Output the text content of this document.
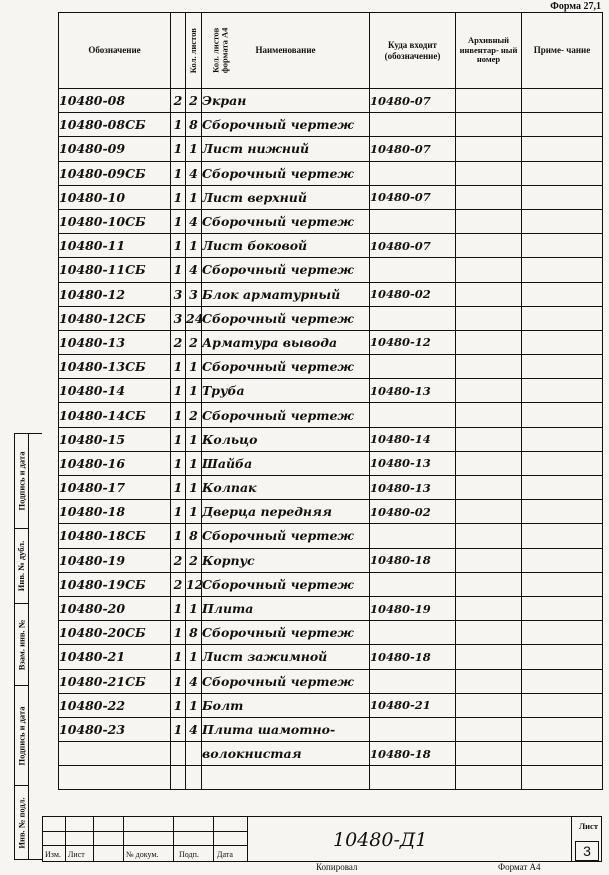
Форма 27,1
Обозначение	Кол. листов	Кол. листов формата А4	Наименование	Куда входит (обозначение)	Архивный инвентар- ный номер	Приме- чание
10480-08	2	2	Экран	10480-07		
10480-08СБ	1	8	Сборочный чертеж			
10480-09	1	1	Лист нижний	10480-07		
10480-09СБ	1	4	Сборочный чертеж			
10480-10	1	1	Лист верхний	10480-07		
10480-10СБ	1	4	Сборочный чертеж			
10480-11	1	1	Лист боковой	10480-07		
10480-11СБ	1	4	Сборочный чертеж			
10480-12	3	3	Блок арматурный	10480-02		
10480-12СБ	3	24	Сборочный чертеж			
10480-13	2	2	Арматура вывода	10480-12		
10480-13СБ	1	1	Сборочный чертеж			
10480-14	1	1	Труба	10480-13		
10480-14СБ	1	2	Сборочный чертеж			
10480-15	1	1	Кольцо	10480-14		
10480-16	1	1	Шайба	10480-13		
10480-17	1	1	Колпак	10480-13		
10480-18	1	1	Дверца передняя	10480-02		
10480-18СБ	1	8	Сборочный чертеж			
10480-19	2	2	Корпус	10480-18		
10480-19СБ	2	12	Сборочный чертеж			
10480-20	1	1	Плита	10480-19		
10480-20СБ	1	8	Сборочный чертеж			
10480-21	1	1	Лист зажимной	10480-18		
10480-21СБ	1	4	Сборочный чертеж			
10480-22	1	1	Болт	10480-21		
10480-23	1	4	Плита шамотно-			
			волокнистая	10480-18		

Подпись и дата
Инв. № дубл.
Взам. инв. №
Подпись и дата
Инв. № подл.
Изм. Лист	№ докум.	Подп. Дата
10480-Д1
Лист
3
Копировал	Формат А4
